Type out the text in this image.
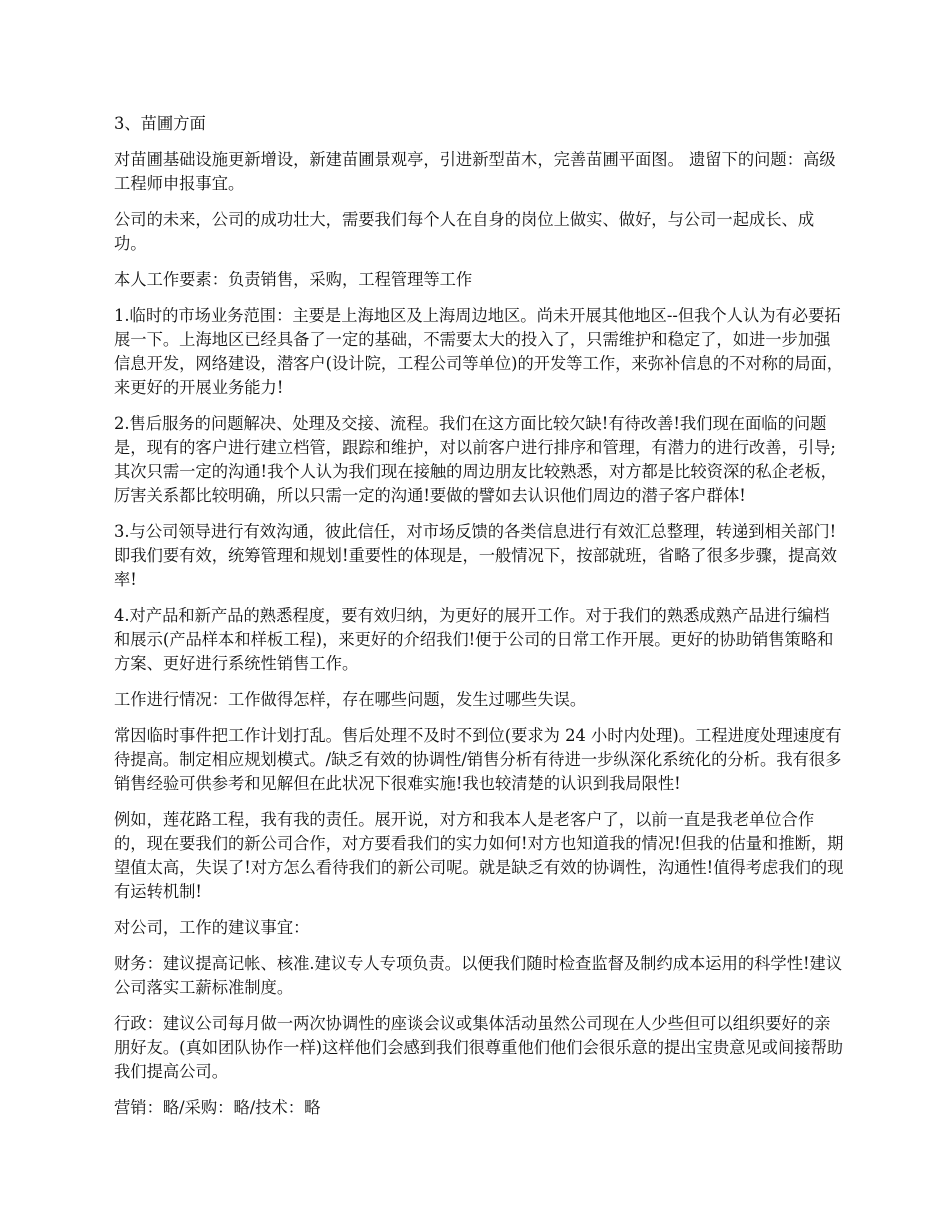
3、苗圃方面

对苗圃基础设施更新增设，新建苗圃景观亭，引进新型苗木，完善苗圃平面图。 遗留下的问题：高级工程师申报事宜。

公司的未来，公司的成功壮大，需要我们每个人在自身的岗位上做实、做好，与公司一起成长、成功。

本人工作要素：负责销售，采购，工程管理等工作

1.临时的市场业务范围：主要是上海地区及上海周边地区。尚未开展其他地区--但我个人认为有必要拓展一下。上海地区已经具备了一定的基础，不需要太大的投入了，只需维护和稳定了，如进一步加强信息开发，网络建设，潜客户(设计院，工程公司等单位)的开发等工作，来弥补信息的不对称的局面，来更好的开展业务能力!

2.售后服务的问题解决、处理及交接、流程。我们在这方面比较欠缺!有待改善!我们现在面临的问题是，现有的客户进行建立档管，跟踪和维护，对以前客户进行排序和管理，有潜力的进行改善，引导;其次只需一定的沟通!我个人认为我们现在接触的周边朋友比较熟悉，对方都是比较资深的私企老板，厉害关系都比较明确，所以只需一定的沟通!要做的譬如去认识他们周边的潜子客户群体!

3.与公司领导进行有效沟通，彼此信任，对市场反馈的各类信息进行有效汇总整理，转递到相关部门!即我们要有效，统筹管理和规划!重要性的体现是，一般情况下，按部就班，省略了很多步骤，提高效率!

4.对产品和新产品的熟悉程度，要有效归纳，为更好的展开工作。对于我们的熟悉成熟产品进行编档和展示(产品样本和样板工程)，来更好的介绍我们!便于公司的日常工作开展。更好的协助销售策略和方案、更好进行系统性销售工作。

工作进行情况：工作做得怎样，存在哪些问题，发生过哪些失误。

常因临时事件把工作计划打乱。售后处理不及时不到位(要求为 24 小时内处理)。工程进度处理速度有待提高。制定相应规划模式。/缺乏有效的协调性/销售分析有待进一步纵深化系统化的分析。我有很多销售经验可供参考和见解但在此状况下很难实施!我也较清楚的认识到我局限性!

例如，莲花路工程，我有我的责任。展开说，对方和我本人是老客户了，以前一直是我老单位合作的，现在要我们的新公司合作，对方要看我们的实力如何!对方也知道我的情况!但我的估量和推断，期望值太高，失误了!对方怎么看待我们的新公司呢。就是缺乏有效的协调性，沟通性!值得考虑我们的现有运转机制!

对公司，工作的建议事宜：

财务：建议提高记帐、核准.建议专人专项负责。以便我们随时检查监督及制约成本运用的科学性!建议公司落实工薪标准制度。

行政：建议公司每月做一两次协调性的座谈会议或集体活动虽然公司现在人少些但可以组织要好的亲朋好友。(真如团队协作一样)这样他们会感到我们很尊重他们他们会很乐意的提出宝贵意见或间接帮助我们提高公司。

营销：略/采购：略/技术：略
